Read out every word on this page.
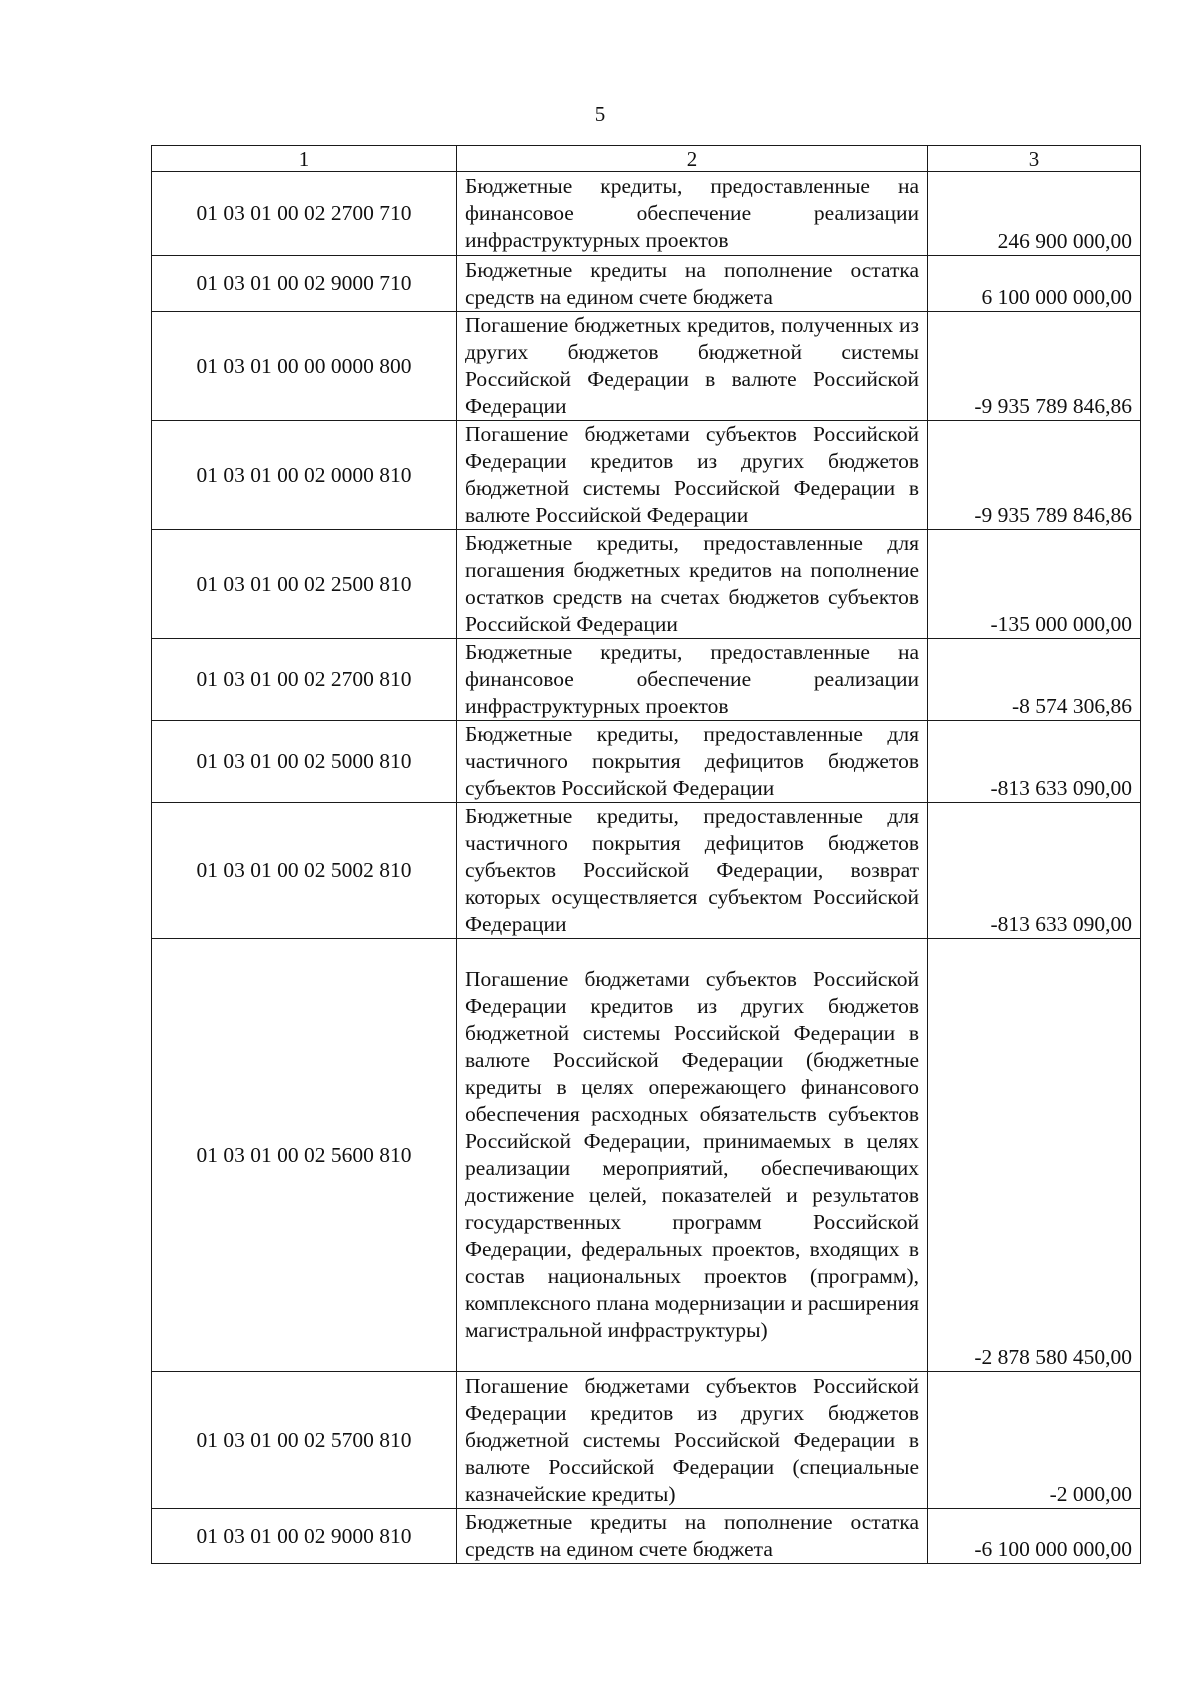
5
1	2	3
01 03 01 00 02 2700 710	Бюджетные кредиты, предоставленные на финансовое обеспечение реализации инфраструктурных проектов	246 900 000,00
01 03 01 00 02 9000 710	Бюджетные кредиты на пополнение остатка средств на едином счете бюджета	6 100 000 000,00
01 03 01 00 00 0000 800	Погашение бюджетных кредитов, полученных из других бюджетов бюджетной системы Российской Федерации в валюте Российской Федерации	-9 935 789 846,86
01 03 01 00 02 0000 810	Погашение бюджетами субъектов Российской Федерации кредитов из других бюджетов бюджетной системы Российской Федерации в валюте Российской Федерации	-9 935 789 846,86
01 03 01 00 02 2500 810	Бюджетные кредиты, предоставленные для погашения бюджетных кредитов на пополнение остатков средств на счетах бюджетов субъектов Российской Федерации	-135 000 000,00
01 03 01 00 02 2700 810	Бюджетные кредиты, предоставленные на финансовое обеспечение реализации инфраструктурных проектов	-8 574 306,86
01 03 01 00 02 5000 810	Бюджетные кредиты, предоставленные для частичного покрытия дефицитов бюджетов субъектов Российской Федерации	-813 633 090,00
01 03 01 00 02 5002 810	Бюджетные кредиты, предоставленные для частичного покрытия дефицитов бюджетов субъектов Российской Федерации, возврат которых осуществляется субъектом Российской Федерации	-813 633 090,00
01 03 01 00 02 5600 810	Погашение бюджетами субъектов Российской Федерации кредитов из других бюджетов бюджетной системы Российской Федерации в валюте Российской Федерации (бюджетные кредиты в целях опережающего финансового обеспечения расходных обязательств субъектов Российской Федерации, принимаемых в целях реализации мероприятий, обеспечивающих достижение целей, показателей и результатов государственных программ Российской Федерации, федеральных проектов, входящих в состав национальных проектов (программ), комплексного плана модернизации и расширения магистральной инфраструктуры)	-2 878 580 450,00
01 03 01 00 02 5700 810	Погашение бюджетами субъектов Российской Федерации кредитов из других бюджетов бюджетной системы Российской Федерации в валюте Российской Федерации (специальные казначейские кредиты)	-2 000,00
01 03 01 00 02 9000 810	Бюджетные кредиты на пополнение остатка средств на едином счете бюджета	-6 100 000 000,00
